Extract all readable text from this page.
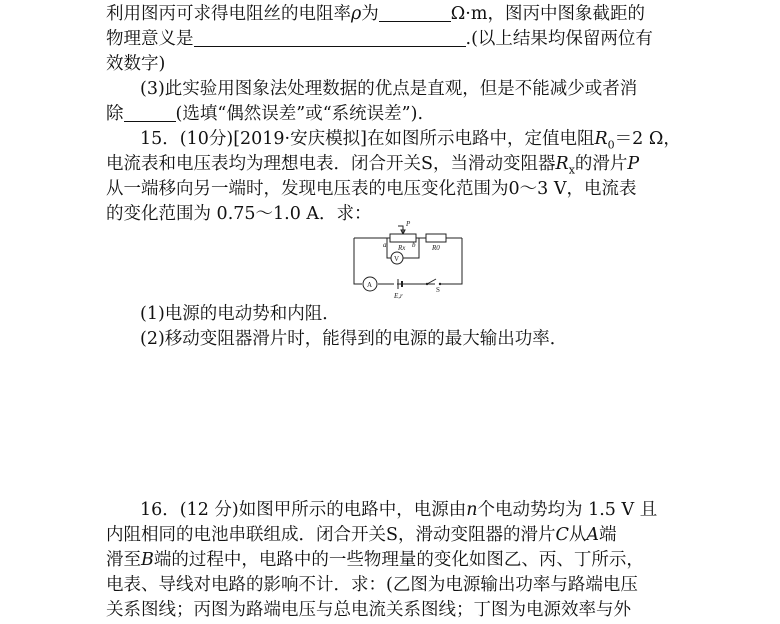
利用图丙可求得电阻丝的电阻率ρ为	Ω·m，图丙中图象截距的
物理意义是	.(以上结果均保留两位有
效数字)
(3)此实验用图象法处理数据的优点是直观，但是不能减少或者消
除	(选填“偶然误差”或“系统误差”).
15．(10分)[2019·安庆模拟]在如图所示电路中，定值电阻$R_0=2$ Ω，
电流表和电压表均为理想电表．闭合开关S，当滑动变阻器$R_x$的滑片P
从一端移向另一端时，发现电压表的电压变化范围为0～3 V，电流表
的变化范围为 0.75～1.0 A．求：	P
a Rx b R0
V
A
E,r
S
(1)电源的电动势和内阻．
(2)移动变阻器滑片时，能得到的电源的最大输出功率．
16．(12 分)如图甲所示的电路中，电源由n个电动势均为 1.5 V 且
内阻相同的电池串联组成．闭合开关S，滑动变阻器的滑片C从A端
滑至B端的过程中，电路中的一些物理量的变化如图乙、丙、丁所示，
电表、导线对电路的影响不计．求：(乙图为电源输出功率与路端电压
关系图线；丙图为路端电压与总电流关系图线；丁图为电源效率与外
